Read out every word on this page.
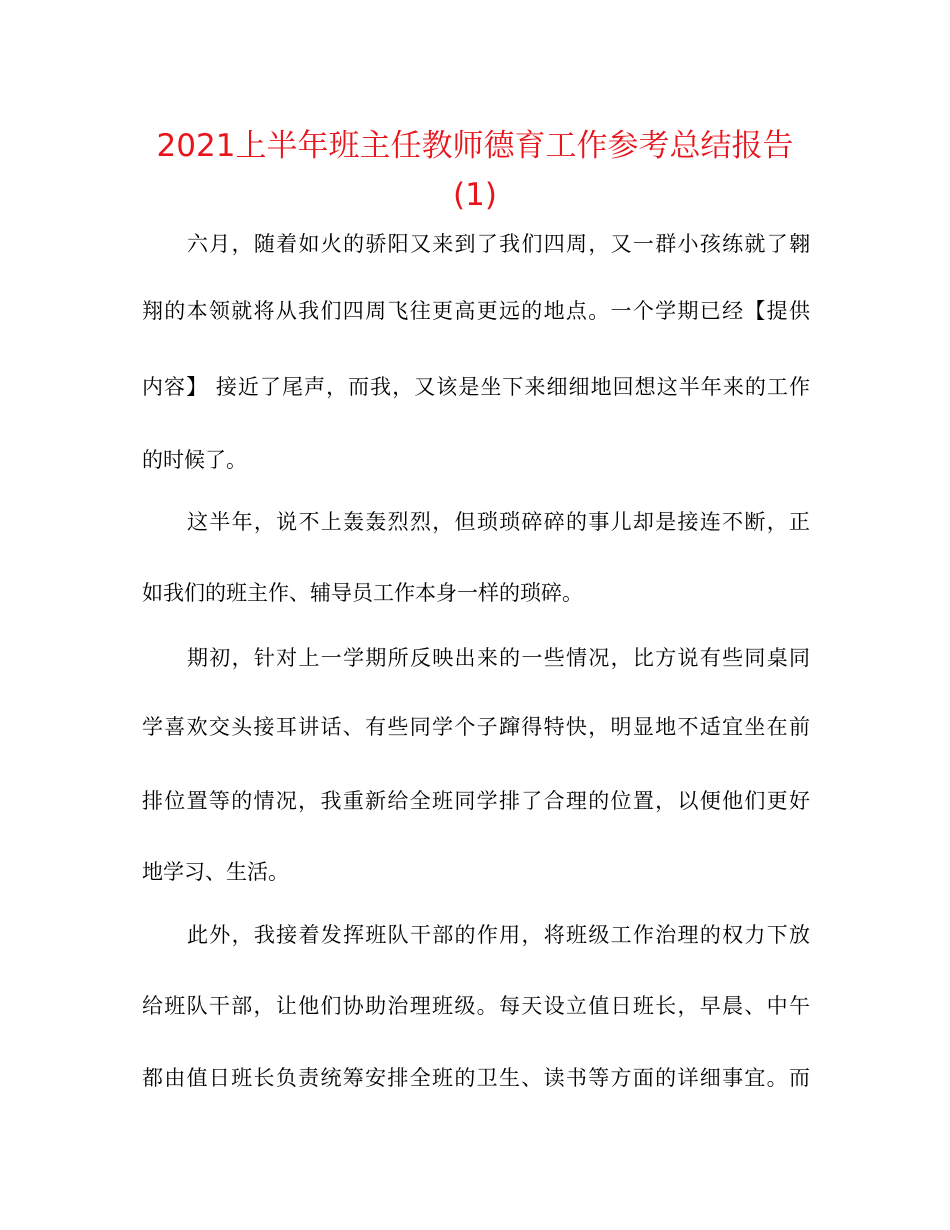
2021上半年班主任教师德育工作参考总结报告
(1)

六月，随着如火的骄阳又来到了我们四周，又一群小孩练就了翱

翔的本领就将从我们四周飞往更高更远的地点。一个学期已经【提供

内容】 接近了尾声，而我，又该是坐下来细细地回想这半年来的工作

的时候了。

这半年，说不上轰轰烈烈，但琐琐碎碎的事儿却是接连不断，正

如我们的班主作、辅导员工作本身一样的琐碎。

期初，针对上一学期所反映出来的一些情况，比方说有些同桌同

学喜欢交头接耳讲话、有些同学个子蹿得特快，明显地不适宜坐在前

排位置等的情况，我重新给全班同学排了合理的位置，以便他们更好

地学习、生活。

此外，我接着发挥班队干部的作用，将班级工作治理的权力下放

给班队干部，让他们协助治理班级。每天设立值日班长，早晨、中午

都由值日班长负责统筹安排全班的卫生、读书等方面的详细事宜。而
